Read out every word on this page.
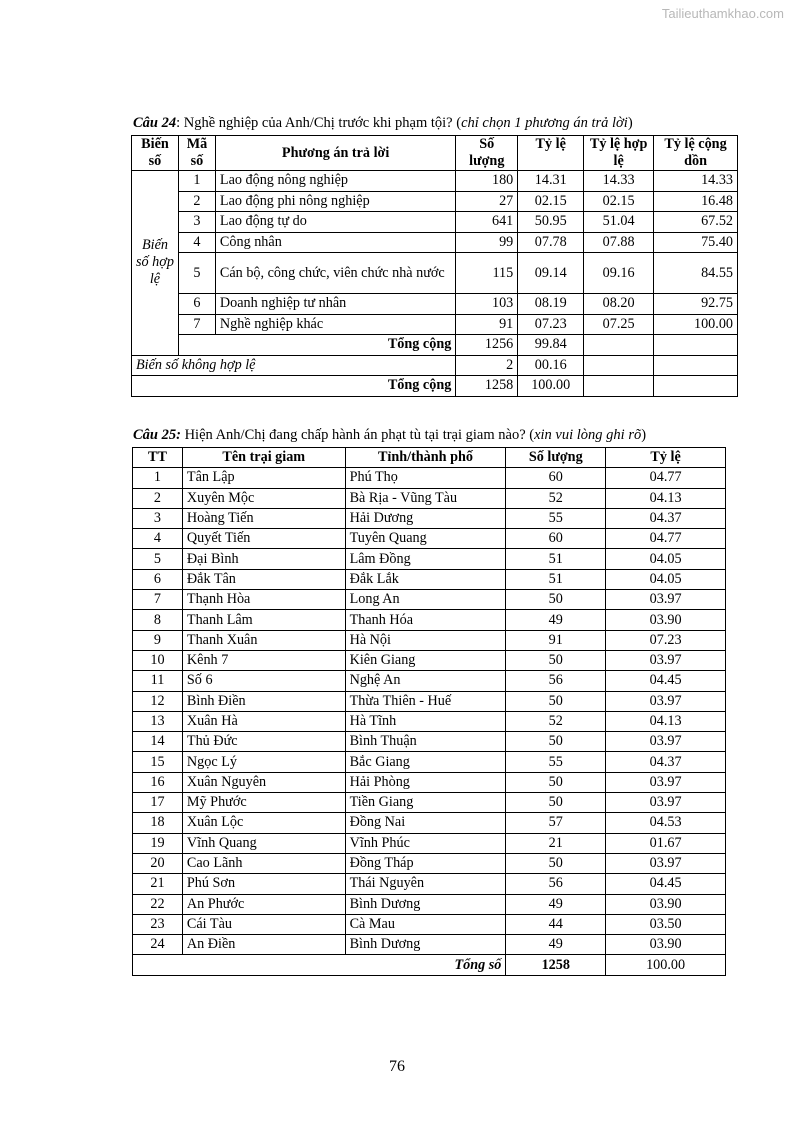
Tailieuthamkhao.com
Câu 24: Nghề nghiệp của Anh/Chị trước khi phạm tội? (chỉ chọn 1 phương án trả lời)
Biến số	Mã số	Phương án trả lời	Số lượng	Tỷ lệ	Tỷ lệ hợp lệ	Tỷ lệ cộng dồn
Biến số hợp lệ	1	Lao động nông nghiệp	180	14.31	14.33	14.33
	2	Lao động phi nông nghiệp	27	02.15	02.15	16.48
	3	Lao động tự do	641	50.95	51.04	67.52
	4	Công nhân	99	07.78	07.88	75.40
	5	Cán bộ, công chức, viên chức nhà nước	115	09.14	09.16	84.55
	6	Doanh nghiệp tư nhân	103	08.19	08.20	92.75
	7	Nghề nghiệp khác	91	07.23	07.25	100.00
	Tổng cộng		1256	99.84		
Biến số không hợp lệ			2	00.16		
Tổng cộng			1258	100.00		
Câu 25: Hiện Anh/Chị đang chấp hành án phạt tù tại trại giam nào? (xin vui lòng ghi rõ)
TT	Tên trại giam	Tỉnh/thành phố	Số lượng	Tỷ lệ
1	Tân Lập	Phú Thọ	60	04.77
2	Xuyên Mộc	Bà Rịa - Vũng Tàu	52	04.13
3	Hoàng Tiến	Hải Dương	55	04.37
4	Quyết Tiến	Tuyên Quang	60	04.77
5	Đại Bình	Lâm Đồng	51	04.05
6	Đắk Tân	Đắk Lắk	51	04.05
7	Thạnh Hòa	Long An	50	03.97
8	Thanh Lâm	Thanh Hóa	49	03.90
9	Thanh Xuân	Hà Nội	91	07.23
10	Kênh 7	Kiên Giang	50	03.97
11	Số 6	Nghệ An	56	04.45
12	Bình Điền	Thừa Thiên - Huế	50	03.97
13	Xuân Hà	Hà Tĩnh	52	04.13
14	Thủ Đức	Bình Thuận	50	03.97
15	Ngọc Lý	Bắc Giang	55	04.37
16	Xuân Nguyên	Hải Phòng	50	03.97
17	Mỹ Phước	Tiền Giang	50	03.97
18	Xuân Lộc	Đồng Nai	57	04.53
19	Vĩnh Quang	Vĩnh Phúc	21	01.67
20	Cao Lãnh	Đồng Tháp	50	03.97
21	Phú Sơn	Thái Nguyên	56	04.45
22	An Phước	Bình Dương	49	03.90
23	Cái Tàu	Cà Mau	44	03.50
24	An Điền	Bình Dương	49	03.90
Tổng số			1258	100.00
76
